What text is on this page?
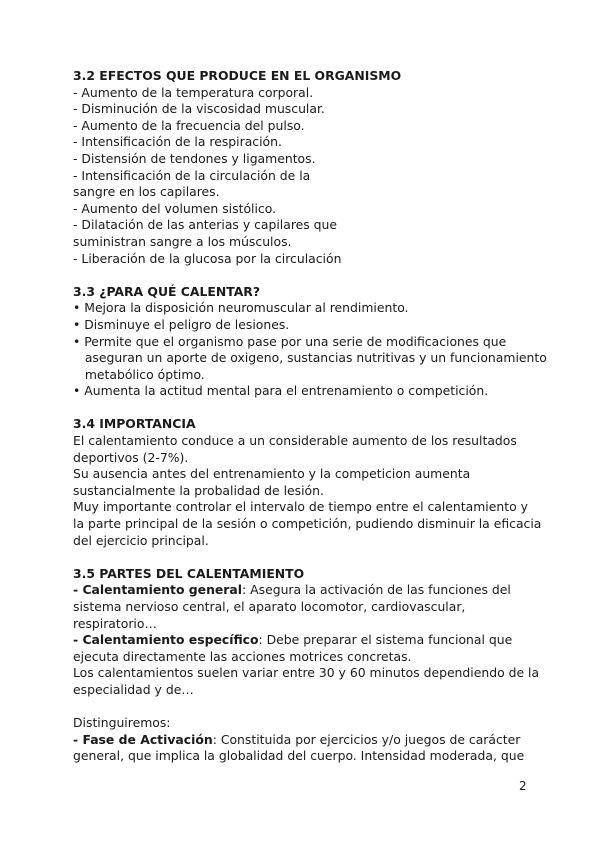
3.2 EFECTOS QUE PRODUCE EN EL ORGANISMO
- Aumento de la temperatura corporal.
- Disminución de la viscosidad muscular.
- Aumento de la frecuencia del pulso.
- Intensificación de la respiración.
- Distensión de tendones y ligamentos.
- Intensificación de la circulación de la
sangre en los capilares.
- Aumento del volumen sistólico.
- Dilatación de las anterias y capilares que
suministran sangre a los músculos.
- Liberación de la glucosa por la circulación
3.3 ¿PARA QUÉ CALENTAR?
• Mejora la disposición neuromuscular al rendimiento.
• Disminuye el peligro de lesiones.
• Permite que el organismo pase por una serie de modificaciones que
aseguran un aporte de oxigeno, sustancias nutritivas y un funcionamiento
metabólico óptimo.
• Aumenta la actitud mental para el entrenamiento o competición.
3.4 IMPORTANCIA
El calentamiento conduce a un considerable aumento de los resultados
deportivos (2-7%).
Su ausencia antes del entrenamiento y la competicion aumenta
sustancialmente la probalidad de lesión.
Muy importante controlar el intervalo de tiempo entre el calentamiento y
la parte principal de la sesión o competición, pudiendo disminuir la eficacia
del ejercicio principal.
3.5 PARTES DEL CALENTAMIENTO
- Calentamiento general: Asegura la activación de las funciones del
sistema nervioso central, el aparato locomotor, cardiovascular,
respiratorio…
- Calentamiento específico: Debe preparar el sistema funcional que
ejecuta directamente las acciones motrices concretas.
Los calentamientos suelen variar entre 30 y 60 minutos dependiendo de la
especialidad y de…
Distinguiremos:
- Fase de Activación: Constituida por ejercicios y/o juegos de carácter
general, que implica la globalidad del cuerpo. Intensidad moderada, que
2
